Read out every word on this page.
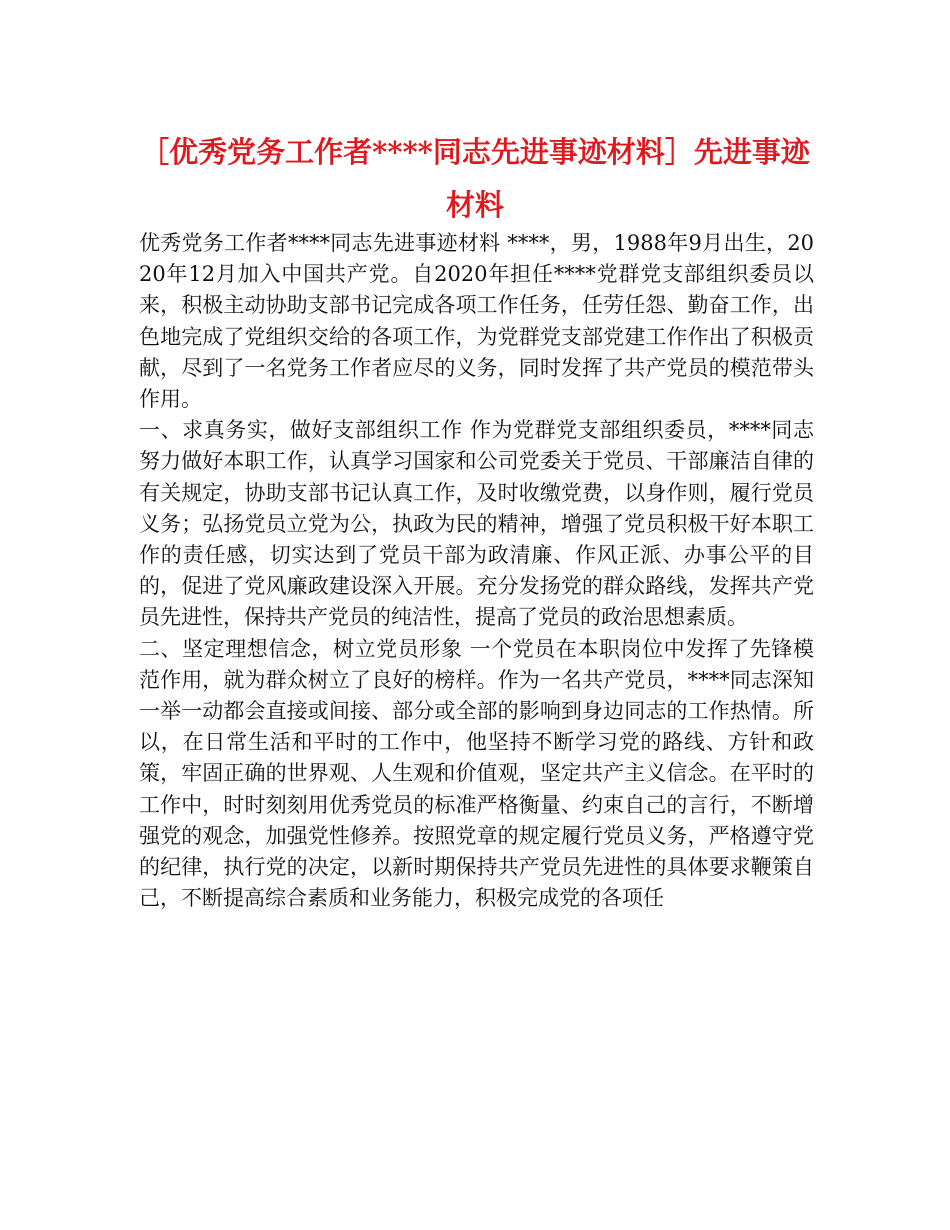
［优秀党务工作者****同志先进事迹材料］先进事迹材料

优秀党务工作者****同志先进事迹材料 ****，男，1988年9月出生，2020年12月加入中国共产党。自2020年担任****党群党支部组织委员以来，积极主动协助支部书记完成各项工作任务，任劳任怨、勤奋工作，出色地完成了党组织交给的各项工作，为党群党支部党建工作作出了积极贡献，尽到了一名党务工作者应尽的义务，同时发挥了共产党员的模范带头作用。

一、求真务实，做好支部组织工作 作为党群党支部组织委员，****同志努力做好本职工作，认真学习国家和公司党委关于党员、干部廉洁自律的有关规定，协助支部书记认真工作，及时收缴党费，以身作则，履行党员义务；弘扬党员立党为公，执政为民的精神，增强了党员积极干好本职工作的责任感，切实达到了党员干部为政清廉、作风正派、办事公平的目的，促进了党风廉政建设深入开展。充分发扬党的群众路线，发挥共产党员先进性，保持共产党员的纯洁性，提高了党员的政治思想素质。

二、坚定理想信念，树立党员形象 一个党员在本职岗位中发挥了先锋模范作用，就为群众树立了良好的榜样。作为一名共产党员，****同志深知一举一动都会直接或间接、部分或全部的影响到身边同志的工作热情。所以，在日常生活和平时的工作中，他坚持不断学习党的路线、方针和政策，牢固正确的世界观、人生观和价值观，坚定共产主义信念。在平时的工作中，时时刻刻用优秀党员的标准严格衡量、约束自己的言行，不断增强党的观念，加强党性修养。按照党章的规定履行党员义务，严格遵守党的纪律，执行党的决定，以新时期保持共产党员先进性的具体要求鞭策自己，不断提高综合素质和业务能力，积极完成党的各项任
